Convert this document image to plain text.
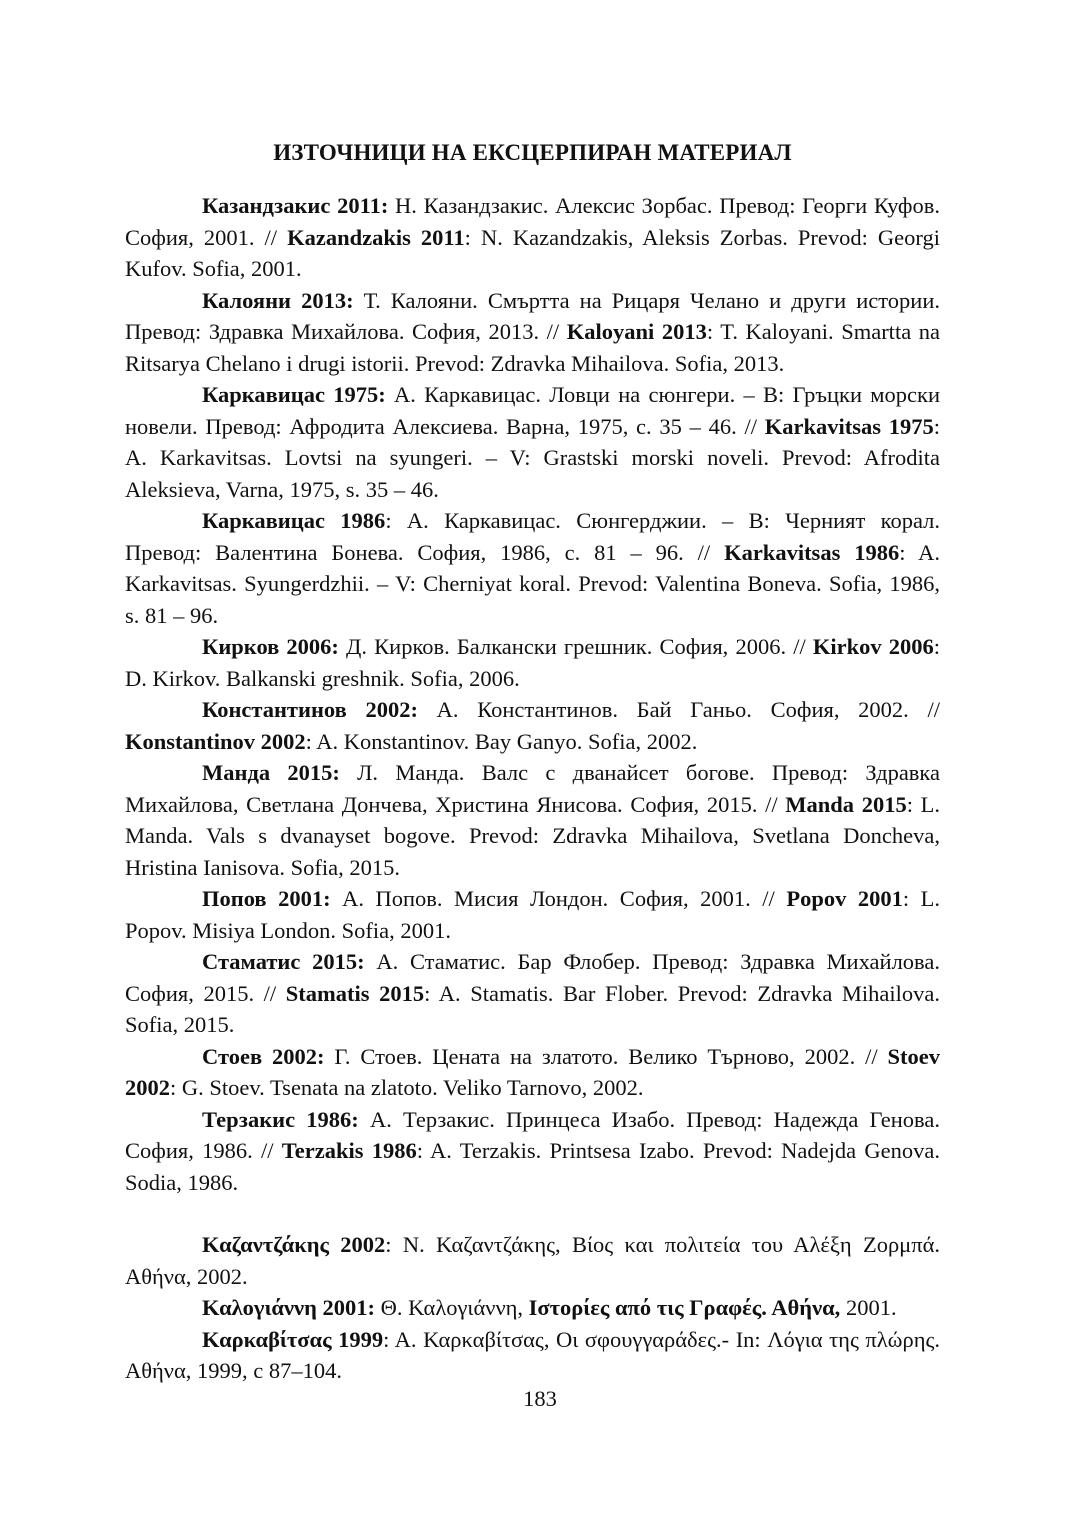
ИЗТОЧНИЦИ НА ЕКСЦЕРПИРАН МАТЕРИАЛ

Казандзакис 2011: Н. Казандзакис. Алексис Зорбас. Превод: Георги Куфов. София, 2001. // Kazandzakis 2011: N. Kazandzakis, Aleksis Zorbas. Prevod: Georgi Kufov. Sofia, 2001.

Калояни 2013: Т. Калояни. Смъртта на Рицаря Челано и други истории. Превод: Здравка Михайлова. София, 2013. // Kaloyani 2013: T. Kaloyani. Smartta na Ritsarya Chelano i drugi istorii. Prevod: Zdravka Mihailova. Sofia, 2013.

Каркавицас 1975: А. Каркавицас. Ловци на сюнгери. – В: Гръцки морски новели. Превод: Афродита Алексиева. Варна, 1975, с. 35 – 46. // Karkavitsas 1975: A. Karkavitsas. Lovtsi na syungeri. – V: Grastski morski noveli. Prevod: Afrodita Aleksieva, Varna, 1975, s. 35 – 46.

Каркавицас 1986: А. Каркавицас. Сюнгерджии. – В: Черният корал. Превод: Валентина Бонева. София, 1986, с. 81 – 96. // Karkavitsas 1986: A. Karkavitsas. Syungerdzhii. – V: Cherniyat koral. Prevod: Valentina Boneva. Sofia, 1986, s. 81 – 96.

Кирков 2006: Д. Кирков. Балкански грешник. София, 2006. // Kirkov 2006: D. Kirkov. Balkanski greshnik. Sofia, 2006.

Константинов 2002: А. Константинов. Бай Ганьо. София, 2002. // Konstantinov 2002: A. Konstantinov. Bay Ganyo. Sofia, 2002.

Манда 2015: Л. Манда. Валс с дванайсет богове. Превод: Здравка Михайлова, Светлана Дончева, Христина Янисова. София, 2015. // Manda 2015: L. Manda. Vals s dvanayset bogove. Prevod: Zdravka Mihailova, Svetlana Doncheva, Hristina Ianisova. Sofia, 2015.

Попов 2001: А. Попов. Мисия Лондон. София, 2001. // Popov 2001: L. Popov. Misiya London. Sofia, 2001.

Стаматис 2015: А. Стаматис. Бар Флобер. Превод: Здравка Михайлова. София, 2015. // Stamatis 2015: A. Stamatis. Bar Flober. Prevod: Zdravka Mihailova. Sofia, 2015.

Стоев 2002: Г. Стоев. Цената на златото. Велико Търново, 2002. // Stoev 2002: G. Stoev. Tsenata na zlatoto. Veliko Tarnovo, 2002.

Терзакис 1986: А. Терзакис. Принцеса Изабо. Превод: Надежда Генова. София, 1986. // Terzakis 1986: A. Terzakis. Printsesa Izabo. Prevod: Nadejda Genova. Sodia, 1986.

Καζαντζάκης 2002: Ν. Καζαντζάκης, Βίος και πολιτεία του Αλέξη Ζορμπά. Αθήνα, 2002.

Καλογιάννη 2001: Θ. Καλογιάννη, Ιστορίες από τις Γραφές. Αθήνα, 2001.

Καρκαβίτσας 1999: Α. Καρκαβίτσας, Οι σφουγγαράδες.- In: Λόγια της πλώρης. Αθήνα, 1999, с 87–104.

183
